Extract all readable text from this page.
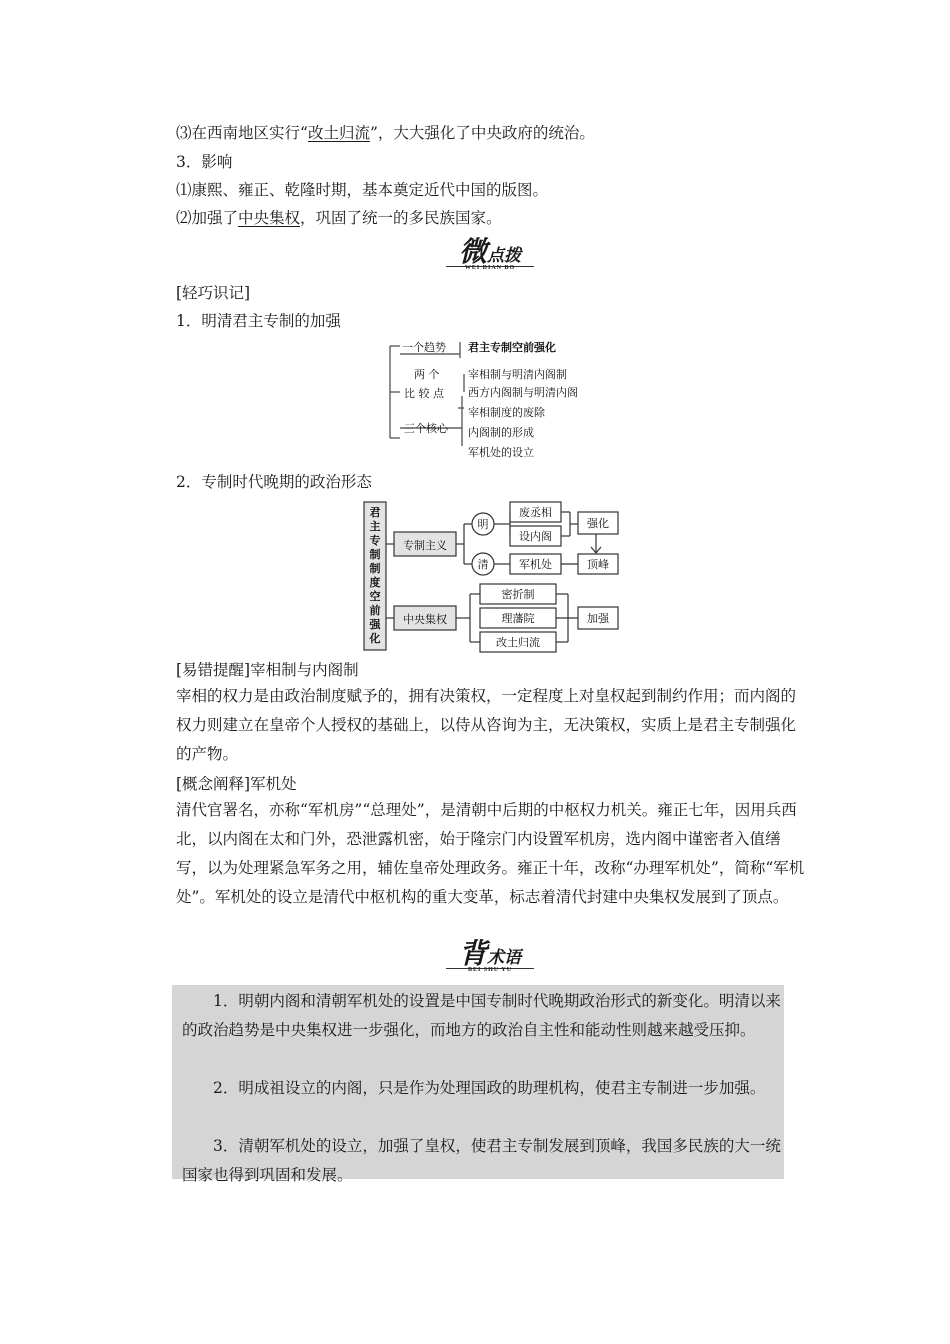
⑶在西南地区实行“改土归流”，大大强化了中央政府的统治。
3．影响
⑴康熙、雍正、乾隆时期，基本奠定近代中国的版图。
⑵加强了中央集权，巩固了统一的多民族国家。
微点拨
WEI DIAN BO
[轻巧识记]
1．明清君主专制的加强
一个趋势 君主专制空前强化
两 个
比 较 点
宰相制与明清内阁制
西方内阁制与明清内阁
三个核心
宰相制度的废除
内阁制的形成
军机处的设立
2．专制时代晚期的政治形态
君
主
专
制
制
度
空
前
强
化
专制主义
明
清
废丞相
设内阁
军机处
强化
顶峰
中央集权
密折制
理藩院
改土归流
加强
[易错提醒]宰相制与内阁制
宰相的权力是由政治制度赋予的，拥有决策权，一定程度上对皇权起到制约作用；而内阁的权力则建立在皇帝个人授权的基础上，以侍从咨询为主，无决策权，实质上是君主专制强化的产物。
[概念阐释]军机处
清代官署名，亦称“军机房”“总理处”，是清朝中后期的中枢权力机关。雍正七年，因用兵西北，以内阁在太和门外，恐泄露机密，始于隆宗门内设置军机房，选内阁中谨密者入值缮写，以为处理紧急军务之用，辅佐皇帝处理政务。雍正十年，改称“办理军机处”，简称“军机处”。军机处的设立是清代中枢机构的重大变革，标志着清代封建中央集权发展到了顶点。
背术语
BEI SHU YU
1．明朝内阁和清朝军机处的设置是中国专制时代晚期政治形式的新变化。明清以来的政治趋势是中央集权进一步强化，而地方的政治自主性和能动性则越来越受压抑。
2．明成祖设立的内阁，只是作为处理国政的助理机构，使君主专制进一步加强。
3．清朝军机处的设立，加强了皇权，使君主专制发展到顶峰，我国多民族的大一统国家也得到巩固和发展。
